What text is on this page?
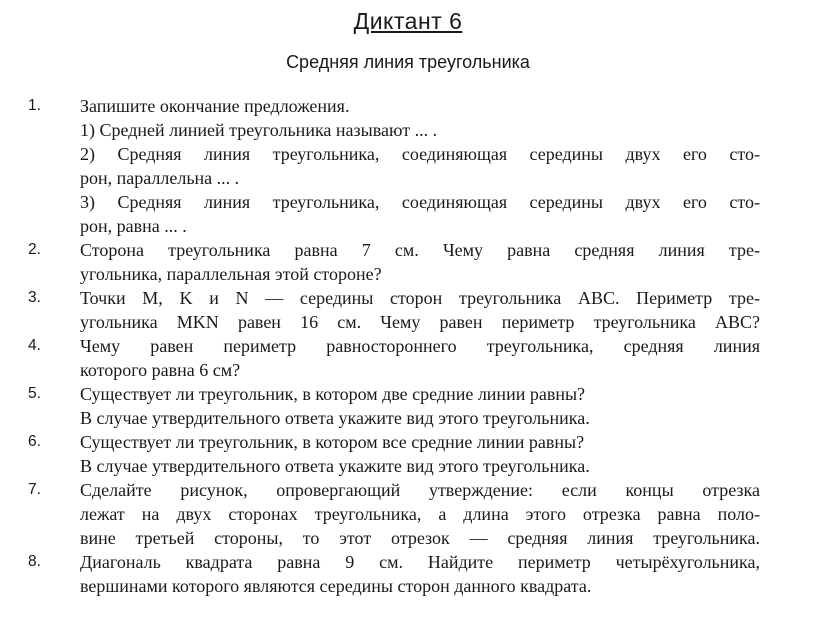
Диктант 6
Средняя линия треугольника
1.	Запишите окончание предложения.
1) Средней линией треугольника называют ... .
2) Средняя линия треугольника, соединяющая середины двух его сто-
рон, параллельна ... .
3) Средняя линия треугольника, соединяющая середины двух его сто-
рон, равна ... .
2.	Сторона треугольника равна 7 см. Чему равна средняя линия тре-
угольника, параллельная этой стороне?
3.	Точки M, K и N — середины сторон треугольника ABC. Периметр тре-
угольника MKN равен 16 см. Чему равен периметр треугольника ABC?
4.	Чему равен периметр равностороннего треугольника, средняя линия
которого равна 6 см?
5.	Существует ли треугольник, в котором две средние линии равны?
В случае утвердительного ответа укажите вид этого треугольника.
6.	Существует ли треугольник, в котором все средние линии равны?
В случае утвердительного ответа укажите вид этого треугольника.
7.	Сделайте рисунок, опровергающий утверждение: если концы отрезка
лежат на двух сторонах треугольника, а длина этого отрезка равна поло-
вине третьей стороны, то этот отрезок — средняя линия треугольника.
8.	Диагональ квадрата равна 9 см. Найдите периметр четырёхугольника,
вершинами которого являются середины сторон данного квадрата.
